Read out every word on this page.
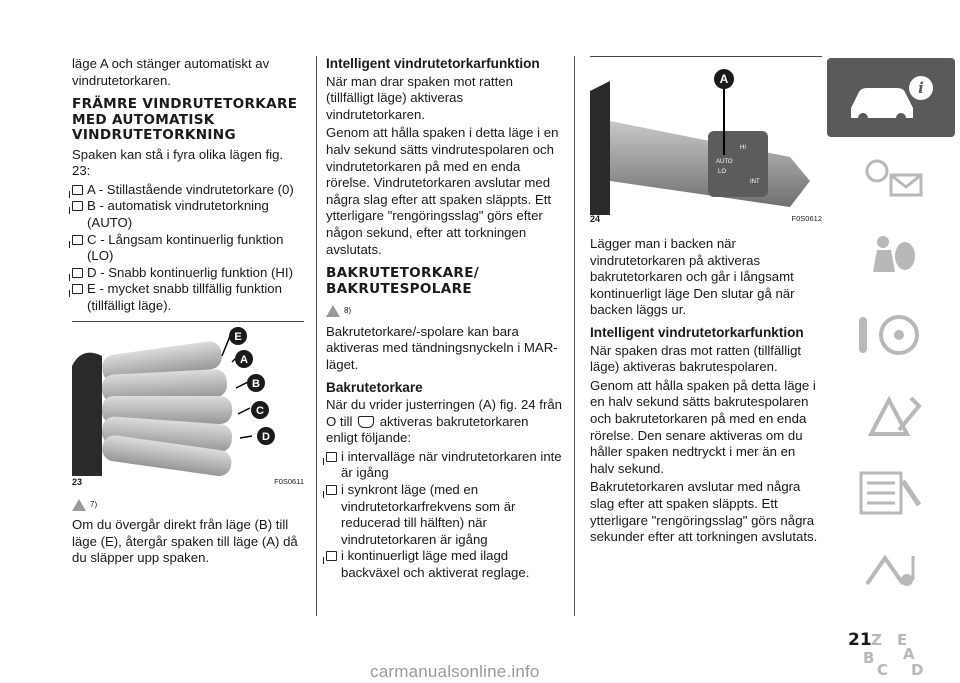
läge A och stänger automatiskt av vindrutetorkaren.
FRÄMRE VINDRUTETORKARE MED AUTOMATISK VINDRUTETORKNING
Spaken kan stå i fyra olika lägen fig. 23:
A - Stillastående vindrutetorkare (0)
B - automatisk vindrutetorkning (AUTO)
C - Långsam kontinuerlig funktion (LO)
D - Snabb kontinuerlig funktion (HI)
E - mycket snabb tillfällig funktion (tillfälligt läge).
E
A
B
C
D
23	F0S0611
7)
Om du övergår direkt från läge (B) till läge (E), återgår spaken till läge (A) då du släpper upp spaken.
Intelligent vindrutetorkarfunktion
När man drar spaken mot ratten (tillfälligt läge) aktiveras vindrutetorkaren.
Genom att hålla spaken i detta läge i en halv sekund sätts vindrutespolaren och vindrutetorkaren på med en enda rörelse. Vindrutetorkaren avslutar med några slag efter att spaken släppts. Ett ytterligare "rengöringsslag" görs efter någon sekund, efter att torkningen avslutats.
BAKRUTETORKARE/ BAKRUTESPOLARE
8)
Bakrutetorkare/-spolare kan bara aktiveras med tändningsnyckeln i MAR-läget.
Bakrutetorkare
När du vrider justerringen (A) fig. 24 från O till aktiveras bakrutetorkaren enligt följande:
i intervalläge när vindrutetorkaren inte är igång
i synkront läge (med en vindrutetorkarfrekvens som är reducerad till hälften) när vindrutetorkaren är igång
i kontinuerligt läge med ilagd backväxel och aktiverat reglage.
HI
AUTO
LO
INT
A
24	F0S0612
Lägger man i backen när vindrutetorkaren på aktiveras bakrutetorkaren och går i långsamt kontinuerligt läge Den slutar gå när backen läggs ur.
Intelligent vindrutetorkarfunktion
När spaken dras mot ratten (tillfälligt läge) aktiveras bakrutespolaren.
Genom att hålla spaken på detta läge i en halv sekund sätts bakrutespolaren och bakrutetorkaren på med en enda rörelse. Den senare aktiveras om du håller spaken nedtryckt i mer än en halv sekund.
Bakrutetorkaren avslutar med några slag efter att spaken släppts. Ett ytterligare "rengöringsslag" görs några sekunder efter att torkningen avslutats.
i
Z E
B A
C D
21
carmanualsonline.info
